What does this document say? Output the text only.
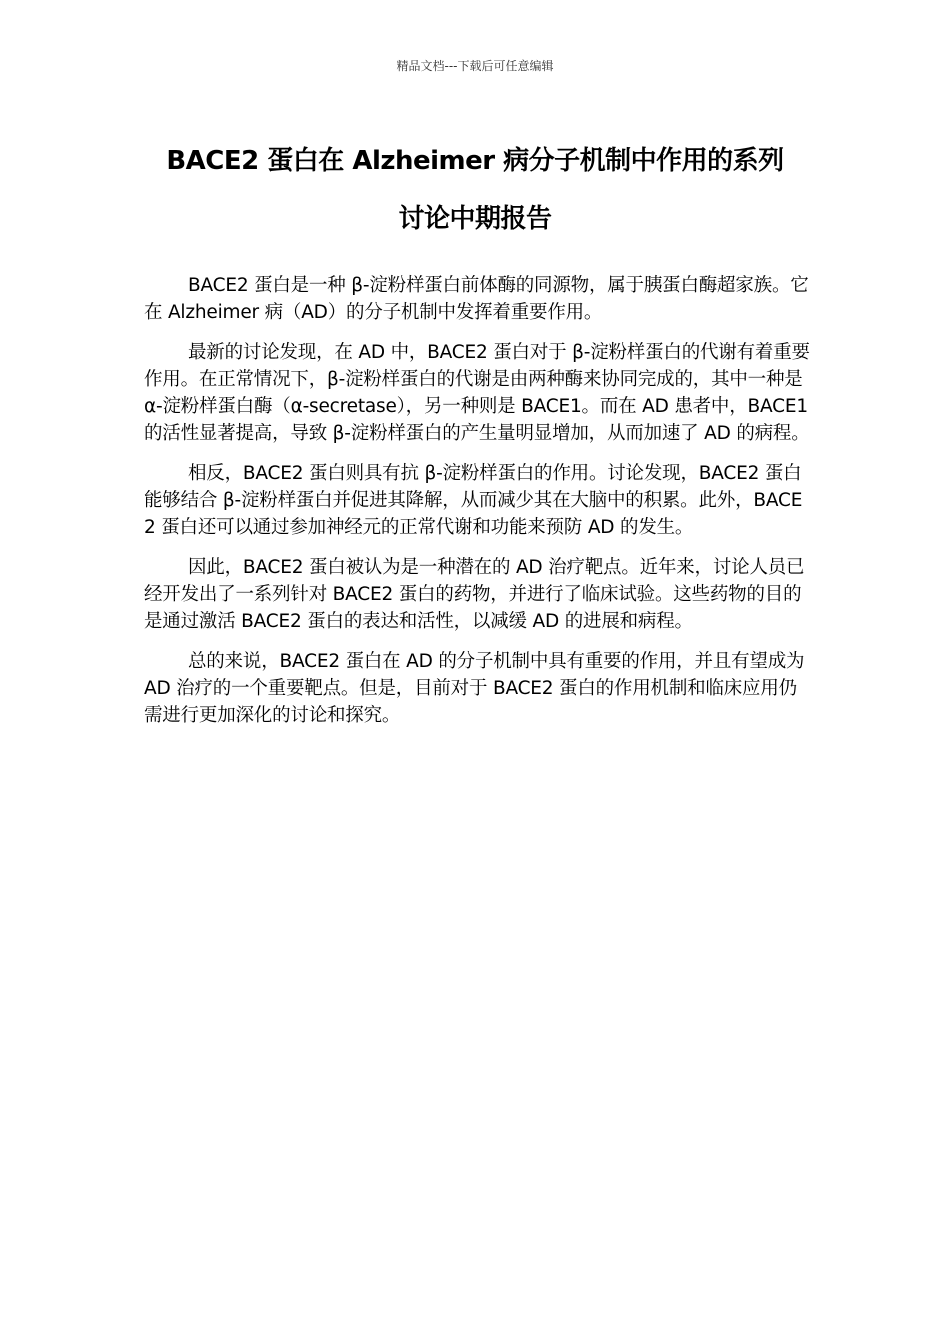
精品文档---下载后可任意编辑
BACE2 蛋白在 Alzheimer 病分子机制中作用的系列
讨论中期报告

BACE2 蛋白是一种 β-淀粉样蛋白前体酶的同源物，属于胰蛋白酶超家族。它在 Alzheimer 病（AD）的分子机制中发挥着重要作用。

最新的讨论发现，在 AD 中，BACE2 蛋白对于 β-淀粉样蛋白的代谢有着重要作用。在正常情况下，β-淀粉样蛋白的代谢是由两种酶来协同完成的，其中一种是 α-淀粉样蛋白酶（α-secretase），另一种则是 BACE1。而在 AD 患者中，BACE1 的活性显著提高，导致 β-淀粉样蛋白的产生量明显增加，从而加速了 AD 的病程。

相反，BACE2 蛋白则具有抗 β-淀粉样蛋白的作用。讨论发现，BACE2 蛋白能够结合 β-淀粉样蛋白并促进其降解，从而减少其在大脑中的积累。此外，BACE2 蛋白还可以通过参加神经元的正常代谢和功能来预防 AD 的发生。

因此，BACE2 蛋白被认为是一种潜在的 AD 治疗靶点。近年来，讨论人员已经开发出了一系列针对 BACE2 蛋白的药物，并进行了临床试验。这些药物的目的是通过激活 BACE2 蛋白的表达和活性，以减缓 AD 的进展和病程。

总的来说，BACE2 蛋白在 AD 的分子机制中具有重要的作用，并且有望成为 AD 治疗的一个重要靶点。但是，目前对于 BACE2 蛋白的作用机制和临床应用仍需进行更加深化的讨论和探究。
